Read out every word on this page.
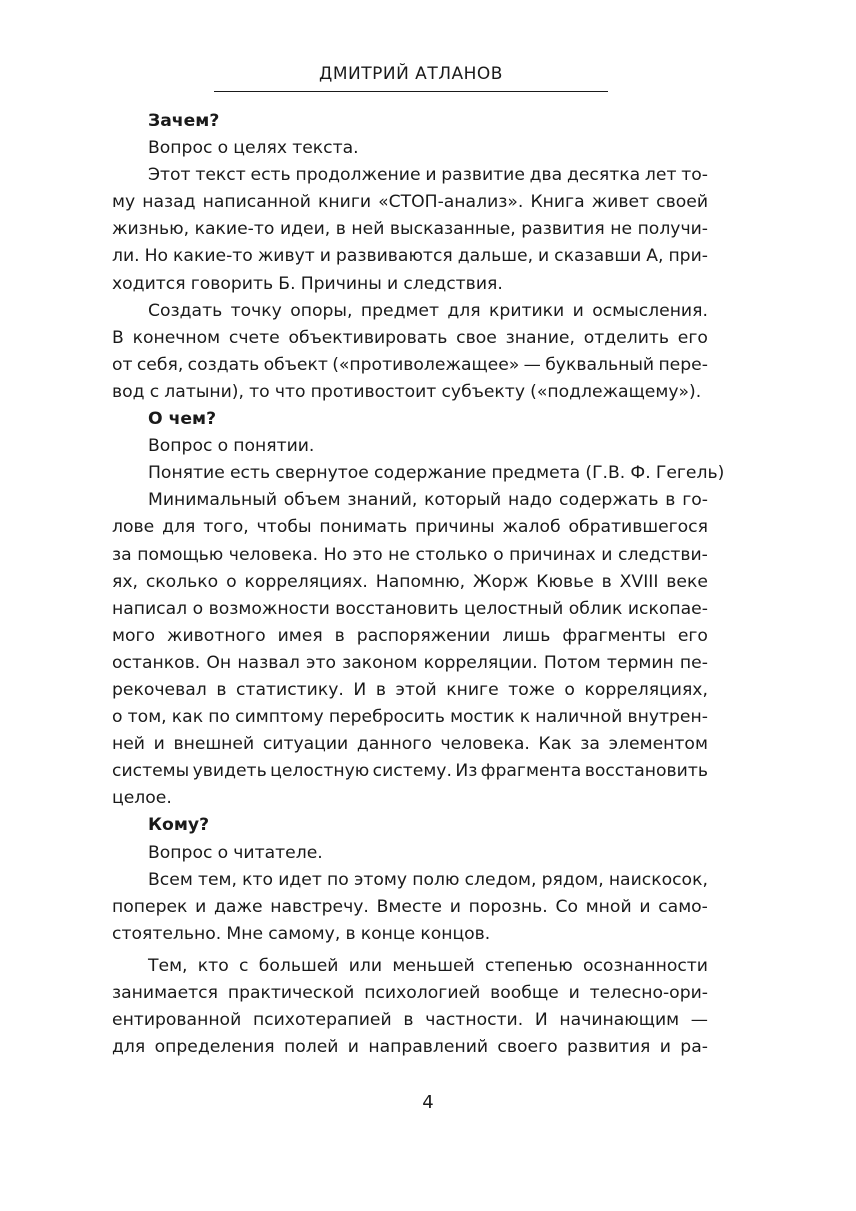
ДМИТРИЙ АТЛАНОВ
Зачем?
Вопрос о целях текста.
Этот текст есть продолжение и развитие два десятка лет то-
му назад написанной книги «СТОП-анализ». Книга живет своей
жизнью, какие-то идеи, в ней высказанные, развития не получи-
ли. Но какие-то живут и развиваются дальше, и сказавши А, при-
ходится говорить Б. Причины и следствия.
Создать точку опоры, предмет для критики и осмысления.
В конечном счете объективировать свое знание, отделить его
от себя, создать объект («противолежащее» — буквальный пере-
вод с латыни), то что противостоит субъекту («подлежащему»).
О чем?
Вопрос о понятии.
Понятие есть свернутое содержание предмета (Г.В. Ф. Гегель)
Минимальный объем знаний, который надо содержать в го-
лове для того, чтобы понимать причины жалоб обратившегося
за помощью человека. Но это не столько о причинах и следстви-
ях, сколько о корреляциях. Напомню, Жорж Кювье в XVIII веке
написал о возможности восстановить целостный облик ископае-
мого животного имея в распоряжении лишь фрагменты его
останков. Он назвал это законом корреляции. Потом термин пе-
рекочевал в статистику. И в этой книге тоже о корреляциях,
о том, как по симптому перебросить мостик к наличной внутрен-
ней и внешней ситуации данного человека. Как за элементом
системы увидеть целостную систему. Из фрагмента восстановить
целое.
Кому?
Вопрос о читателе.
Всем тем, кто идет по этому полю следом, рядом, наискосок,
поперек и даже навстречу. Вместе и порознь. Со мной и само-
стоятельно. Мне самому, в конце концов.
Тем, кто с большей или меньшей степенью осознанности
занимается практической психологией вообще и телесно-ори-
ентированной психотерапией в частности. И начинающим —
для определения полей и направлений своего развития и ра-
4
